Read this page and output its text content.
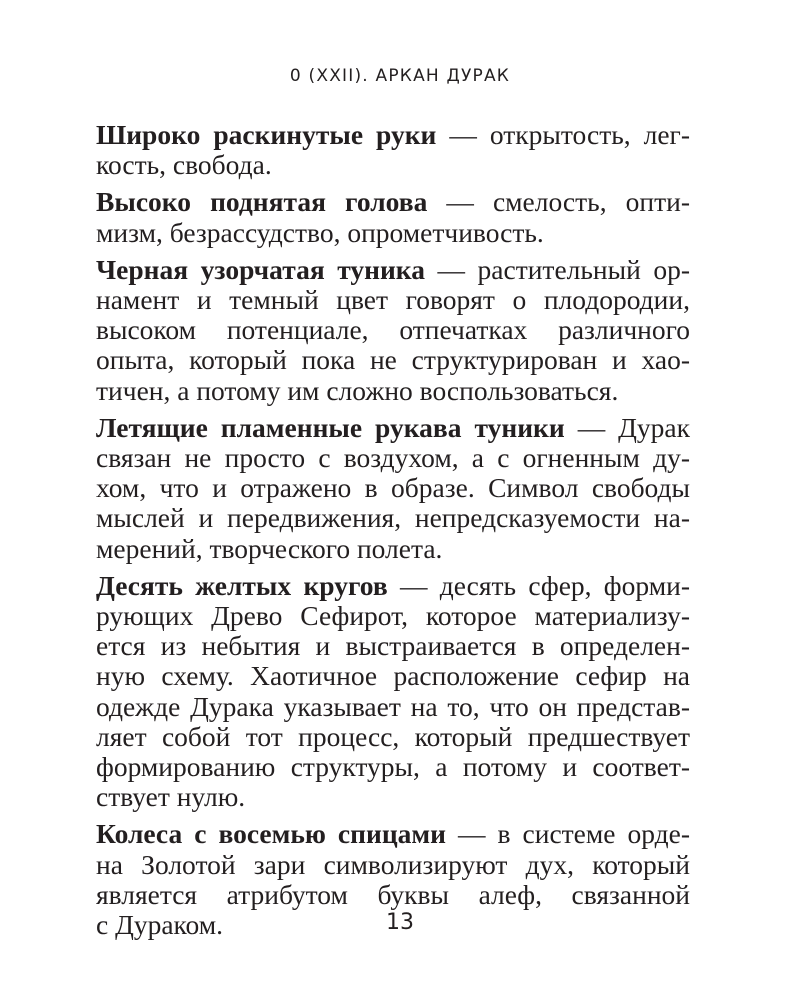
0 (XXII). АРКАН ДУРАК

Широко раскинутые руки — открытость, лег-
кость, свобода.

Высоко поднятая голова — смелость, опти-
мизм, безрассудство, опрометчивость.

Черная узорчатая туника — растительный ор-
намент и темный цвет говорят о плодородии,
высоком потенциале, отпечатках различного
опыта, который пока не структурирован и хао-
тичен, а потому им сложно воспользоваться.

Летящие пламенные рукава туники — Дурак
связан не просто с воздухом, а с огненным ду-
хом, что и отражено в образе. Символ свободы
мыслей и передвижения, непредсказуемости на-
мерений, творческого полета.

Десять желтых кругов — десять сфер, форми-
рующих Древо Сефирот, которое материализу-
ется из небытия и выстраивается в определен-
ную схему. Хаотичное расположение сефир на
одежде Дурака указывает на то, что он представ-
ляет собой тот процесс, который предшествует
формированию структуры, а потому и соответ-
ствует нулю.

Колеса с восемью спицами — в системе орде-
на Золотой зари символизируют дух, который
является атрибутом буквы алеф, связанной
с Дураком.	13
